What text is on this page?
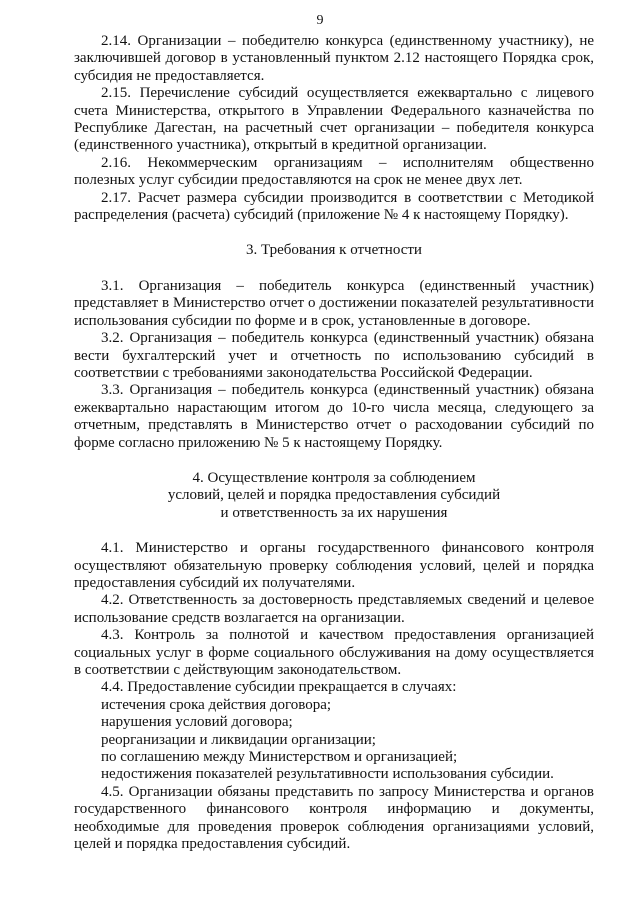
9

2.14. Организации – победителю конкурса (единственному участнику), не заключившей договор в установленный пунктом 2.12 настоящего Порядка срок, субсидия не предоставляется.

2.15. Перечисление субсидий осуществляется ежеквартально с лицевого счета Министерства, открытого в Управлении Федерального казначейства по Республике Дагестан, на расчетный счет организации – победителя конкурса (единственного участника), открытый в кредитной организации.

2.16. Некоммерческим организациям – исполнителям общественно полезных услуг субсидии предоставляются на срок не менее двух лет.

2.17. Расчет размера субсидии производится в соответствии с Методикой распределения (расчета) субсидий (приложение № 4 к настоящему Порядку).

3. Требования к отчетности

3.1. Организация – победитель конкурса (единственный участник) представляет в Министерство отчет о достижении показателей результативности использования субсидии по форме и в срок, установленные в договоре.

3.2. Организация – победитель конкурса (единственный участник) обязана вести бухгалтерский учет и отчетность по использованию субсидий в соответствии с требованиями законодательства Российской Федерации.

3.3. Организация – победитель конкурса (единственный участник) обязана ежеквартально нарастающим итогом до 10-го числа месяца, следующего за отчетным, представлять в Министерство отчет о расходовании субсидий по форме согласно приложению № 5 к настоящему Порядку.

4. Осуществление контроля за соблюдением

условий, целей и порядка предоставления субсидий

и ответственность за их нарушения

4.1. Министерство и органы государственного финансового контроля осуществляют обязательную проверку соблюдения условий, целей и порядка предоставления субсидий их получателями.

4.2. Ответственность за достоверность представляемых сведений и целевое использование средств возлагается на организации.

4.3. Контроль за полнотой и качеством предоставления организацией социальных услуг в форме социального обслуживания на дому осуществляется в соответствии с действующим законодательством.

4.4. Предоставление субсидии прекращается в случаях:

истечения срока действия договора;

нарушения условий договора;

реорганизации и ликвидации организации;

по соглашению между Министерством и организацией;

недостижения показателей результативности использования субсидии.

4.5. Организации обязаны представить по запросу Министерства и органов государственного финансового контроля информацию и документы, необходимые для проведения проверок соблюдения организациями условий, целей и порядка предоставления субсидий.
